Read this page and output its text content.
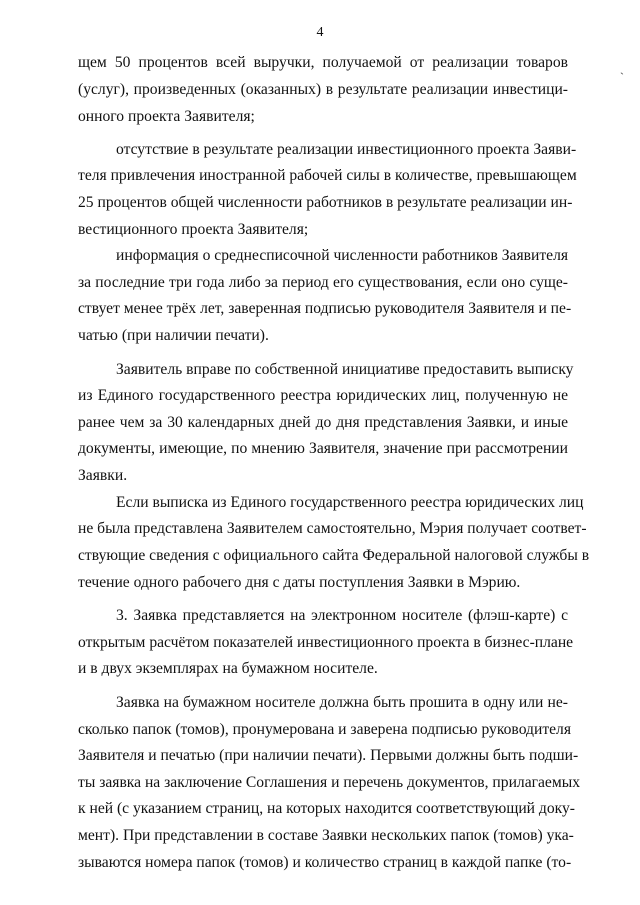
4
ˋ
щем 50 процентов всей выручки, получаемой от реализации товаров
(услуг), произведенных (оказанных) в результате реализации инвестици-
онного проекта Заявителя;
отсутствие в результате реализации инвестиционного проекта Заяви-
теля привлечения иностранной рабочей силы в количестве, превышающем
25 процентов общей численности работников в результате реализации ин-
вестиционного проекта Заявителя;
информация о среднесписочной численности работников Заявителя
за последние три года либо за период его существования, если оно суще-
ствует менее трёх лет, заверенная подписью руководителя Заявителя и пе-
чатью (при наличии печати).
Заявитель вправе по собственной инициативе предоставить выписку
из Единого государственного реестра юридических лиц, полученную не
ранее чем за 30 календарных дней до дня представления Заявки, и иные
документы, имеющие, по мнению Заявителя, значение при рассмотрении
Заявки.
Если выписка из Единого государственного реестра юридических лиц
не была представлена Заявителем самостоятельно, Мэрия получает соответ-
ствующие сведения с официального сайта Федеральной налоговой службы в
течение одного рабочего дня с даты поступления Заявки в Мэрию.
3. Заявка представляется на электронном носителе (флэш-карте) с
открытым расчётом показателей инвестиционного проекта в бизнес-плане
и в двух экземплярах на бумажном носителе.
Заявка на бумажном носителе должна быть прошита в одну или не-
сколько папок (томов), пронумерована и заверена подписью руководителя
Заявителя и печатью (при наличии печати). Первыми должны быть подши-
ты заявка на заключение Соглашения и перечень документов, прилагаемых
к ней (с указанием страниц, на которых находится соответствующий доку-
мент). При представлении в составе Заявки нескольких папок (томов) ука-
зываются номера папок (томов) и количество страниц в каждой папке (то-
